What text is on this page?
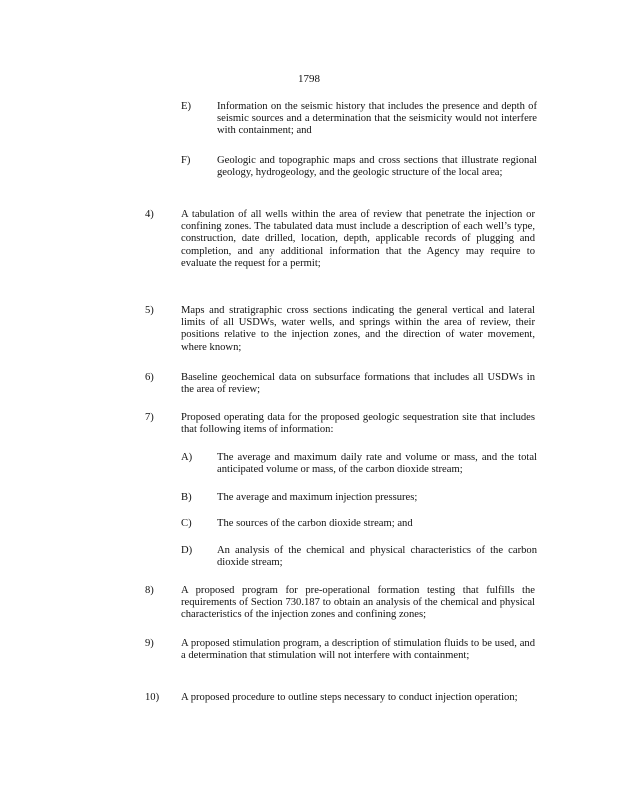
1798
E) Information on the seismic history that includes the presence and depth of seismic sources and a determination that the seismicity would not interfere with containment; and
F)	Geologic and topographic maps and cross sections that illustrate regional geology, hydrogeology, and the geologic structure of the local area;
4)	A tabulation of all wells within the area of review that penetrate the injection or confining zones. The tabulated data must include a description of each well’s type, construction, date drilled, location, depth, applicable records of plugging and completion, and any additional information that the Agency may require to evaluate the request for a permit;
5)	Maps and stratigraphic cross sections indicating the general vertical and lateral limits of all USDWs, water wells, and springs within the area of review, their positions relative to the injection zones, and the direction of water movement, where known;
6)	Baseline geochemical data on subsurface formations that includes all USDWs in the area of review;
7)	Proposed operating data for the proposed geologic sequestration site that includes that following items of information:
A) The average and maximum daily rate and volume or mass, and the total anticipated volume or mass, of the carbon dioxide stream;
B) The average and maximum injection pressures;
C) The sources of the carbon dioxide stream; and
D) An analysis of the chemical and physical characteristics of the carbon dioxide stream;
8)	A proposed program for pre-operational formation testing that fulfills the requirements of Section 730.187 to obtain an analysis of the chemical and physical characteristics of the injection zones and confining zones;
9)	A proposed stimulation program, a description of stimulation fluids to be used, and a determination that stimulation will not interfere with containment;
10) A proposed procedure to outline steps necessary to conduct injection operation;
